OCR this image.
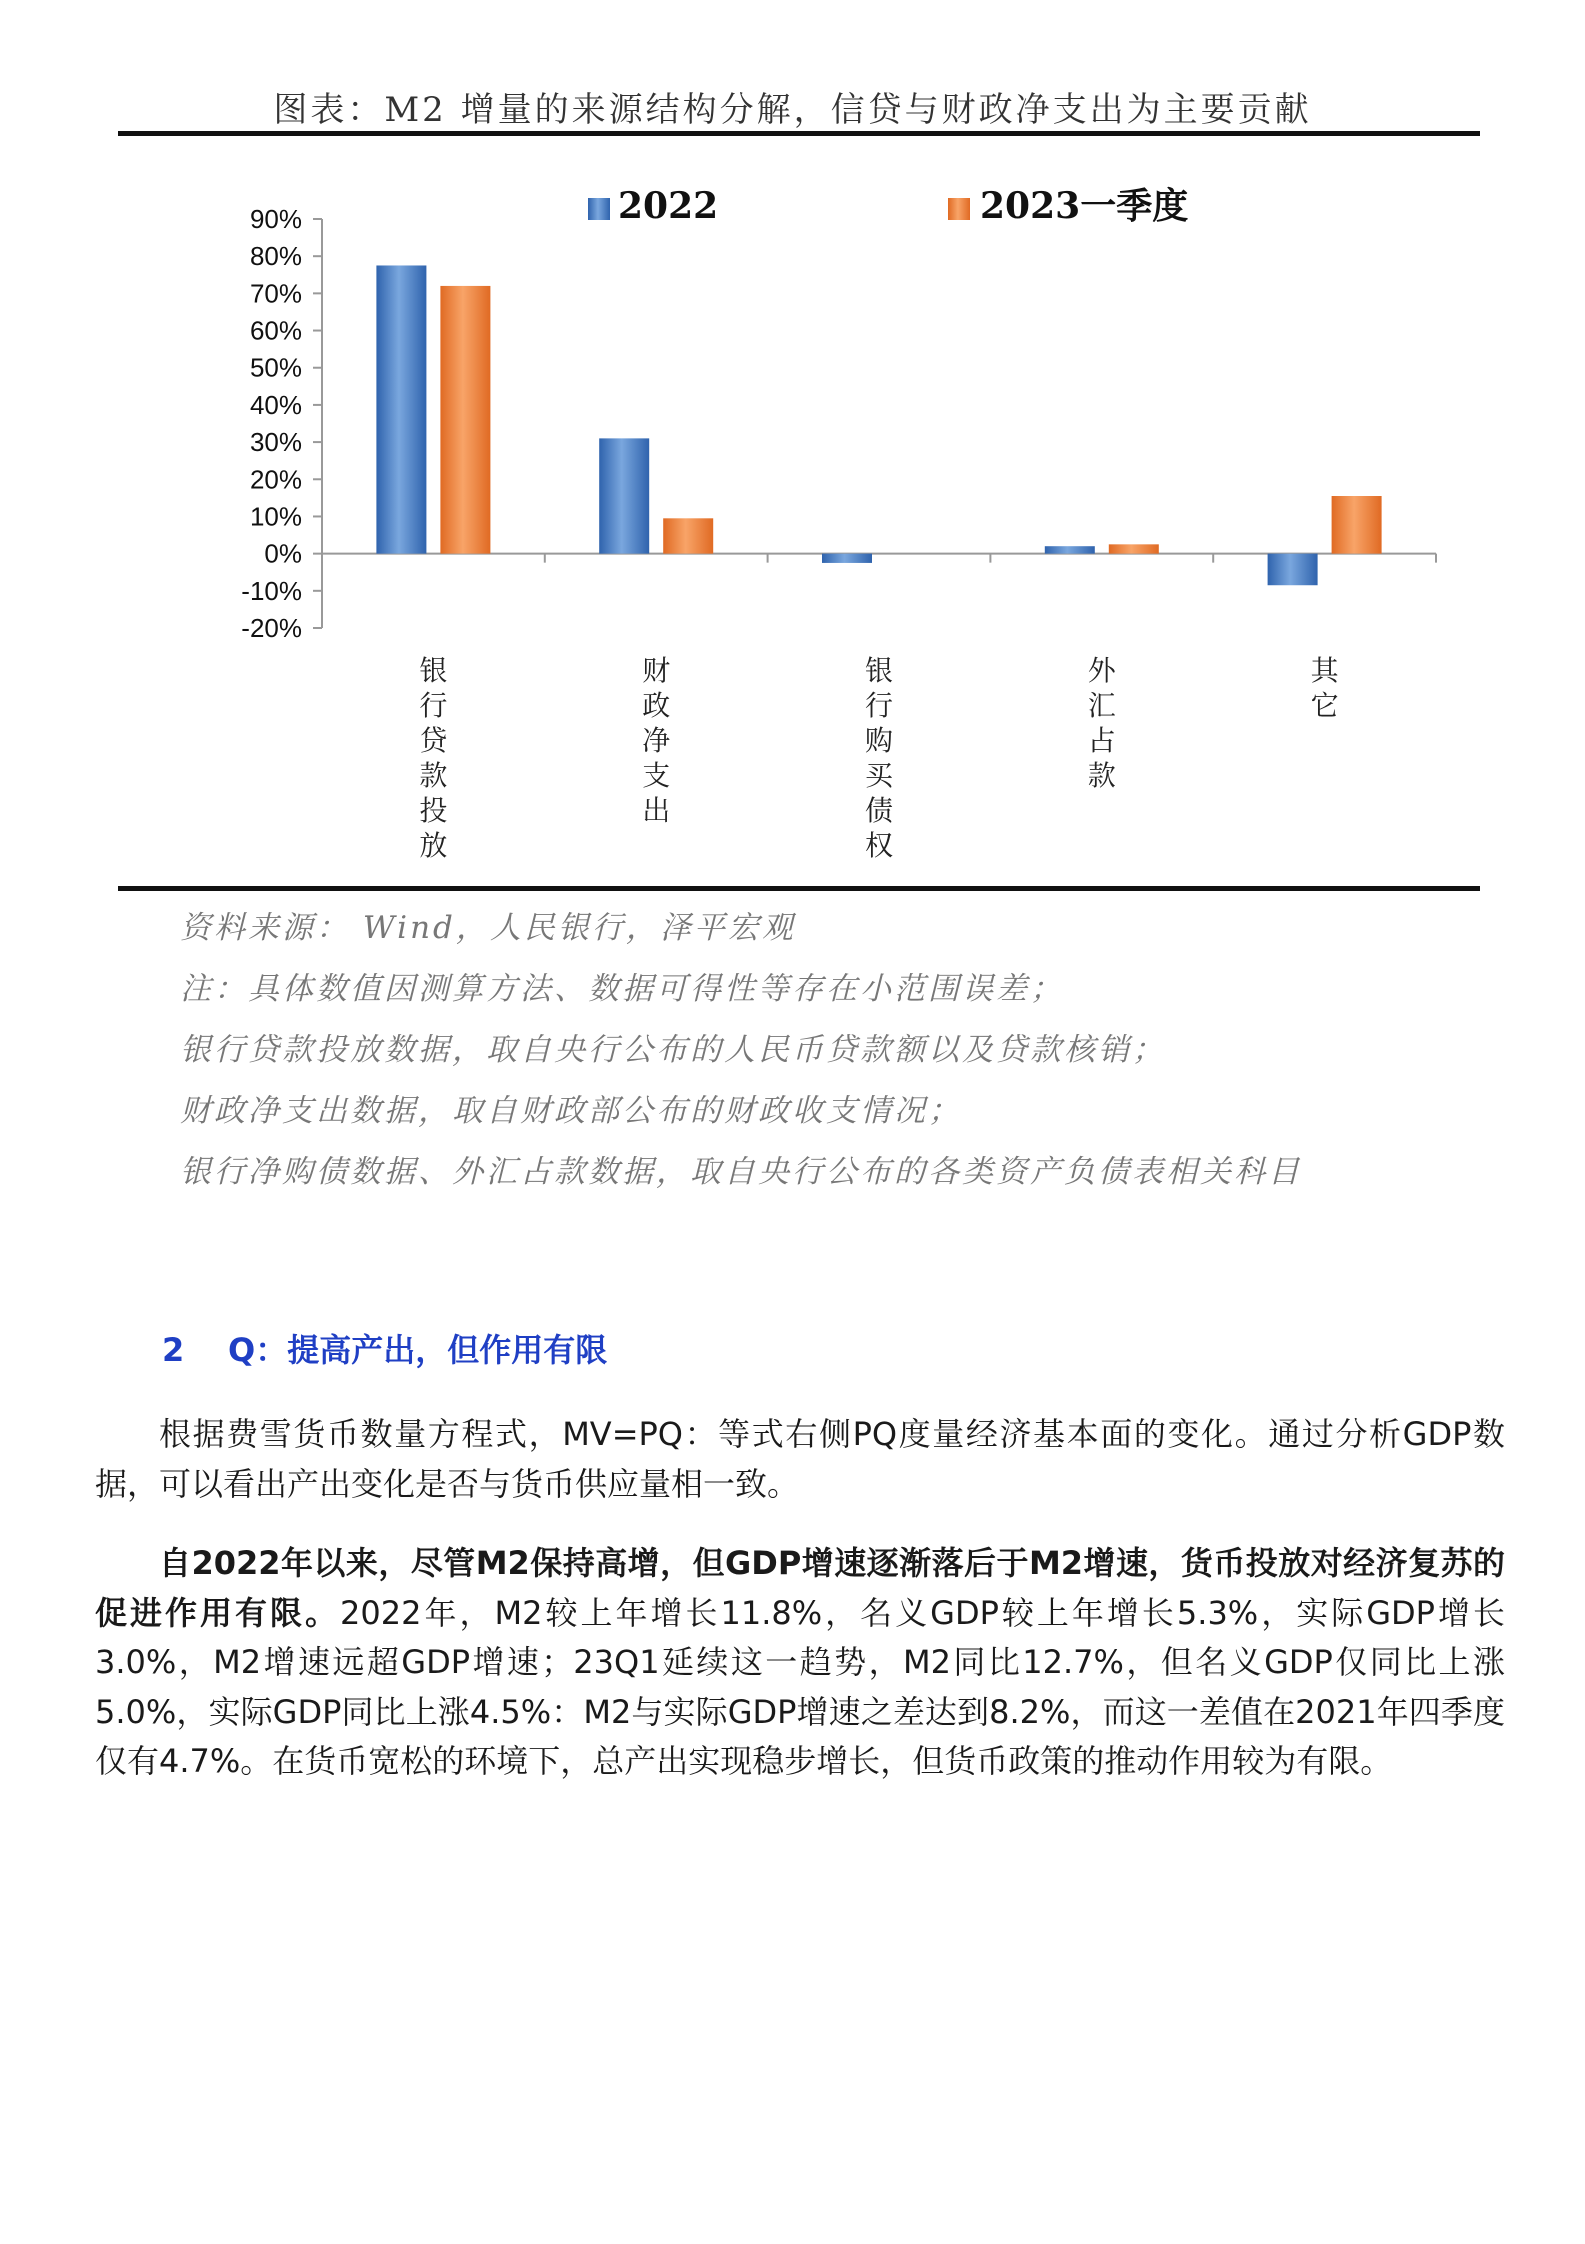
图表：M2 增量的来源结构分解，信贷与财政净支出为主要贡献
90%
80%
70%
60%
50%
40%
30%
20%
10%
0%
-10%
-20%
银
行
贷
款
投
放
财
政
净
支
出
银
行
购
买
债
权
外
汇
占
款
其
它
2022	2023一季度
资料来源： Wind，人民银行，泽平宏观
注：具体数值因测算方法、数据可得性等存在小范围误差；
银行贷款投放数据，取自央行公布的人民币贷款额以及贷款核销；
财政净支出数据，取自财政部公布的财政收支情况；
银行净购债数据、外汇占款数据，取自央行公布的各类资产负债表相关科目
2 Q：提高产出，但作用有限

根据费雪货币数量方程式，MV=PQ：等式右侧PQ度量经济基本面的变化。通过分析GDP数据，可以看出产出变化是否与货币供应量相一致。

自2022年以来，尽管M2保持高增，但GDP增速逐渐落后于M2增速，货币投放对经济复苏的促进作用有限。2022年，M2较上年增长11.8%，名义GDP较上年增长5.3%，实际GDP增长3.0%，M2增速远超GDP增速；23Q1延续这一趋势，M2同比12.7%，但名义GDP仅同比上涨5.0%，实际GDP同比上涨4.5%：M2与实际GDP增速之差达到8.2%，而这一差值在2021年四季度仅有4.7%。在货币宽松的环境下，总产出实现稳步增长，但货币政策的推动作用较为有限。
